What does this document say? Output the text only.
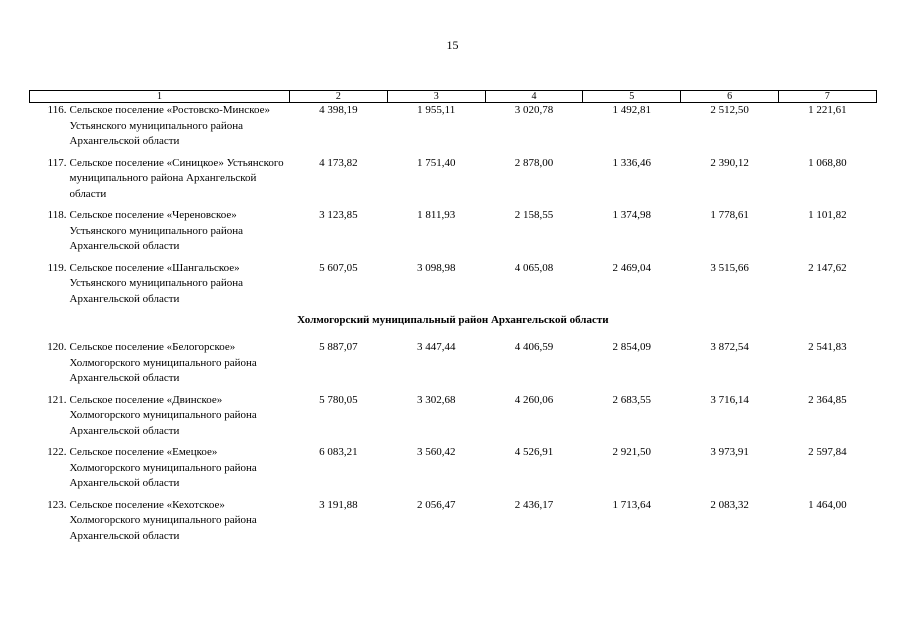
15
1	2	3	4	5	6	7

116. Сельское поселение «Ростовско-Минское» Устьянского муниципального района Архангельской области	4 398,19	1 955,11	3 020,78	1 492,81	2 512,50	1 221,61

117. Сельское поселение «Синицкое» Устьянского муниципального района Архангельской области	4 173,82	1 751,40	2 878,00	1 336,46	2 390,12	1 068,80

118. Сельское поселение «Череновское» Устьянского муниципального района Архангельской области	3 123,85	1 811,93	2 158,55	1 374,98	1 778,61	1 101,82

119. Сельское поселение «Шангальское» Устьянского муниципального района Архангельской области	5 607,05	3 098,98	4 065,08	2 469,04	3 515,66	2 147,62
Холмогорский муниципальный район Архангельской области						

120. Сельское поселение «Белогорское» Холмогорского муниципального района Архангельской области	5 887,07	3 447,44	4 406,59	2 854,09	3 872,54	2 541,83

121. Сельское поселение «Двинское» Холмогорского муниципального района Архангельской области	5 780,05	3 302,68	4 260,06	2 683,55	3 716,14	2 364,85

122. Сельское поселение «Емецкое» Холмогорского муниципального района Архангельской области	6 083,21	3 560,42	4 526,91	2 921,50	3 973,91	2 597,84

123. Сельское поселение «Кехотское» Холмогорского муниципального района Архангельской области	3 191,88	2 056,47	2 436,17	1 713,64	2 083,32	1 464,00
